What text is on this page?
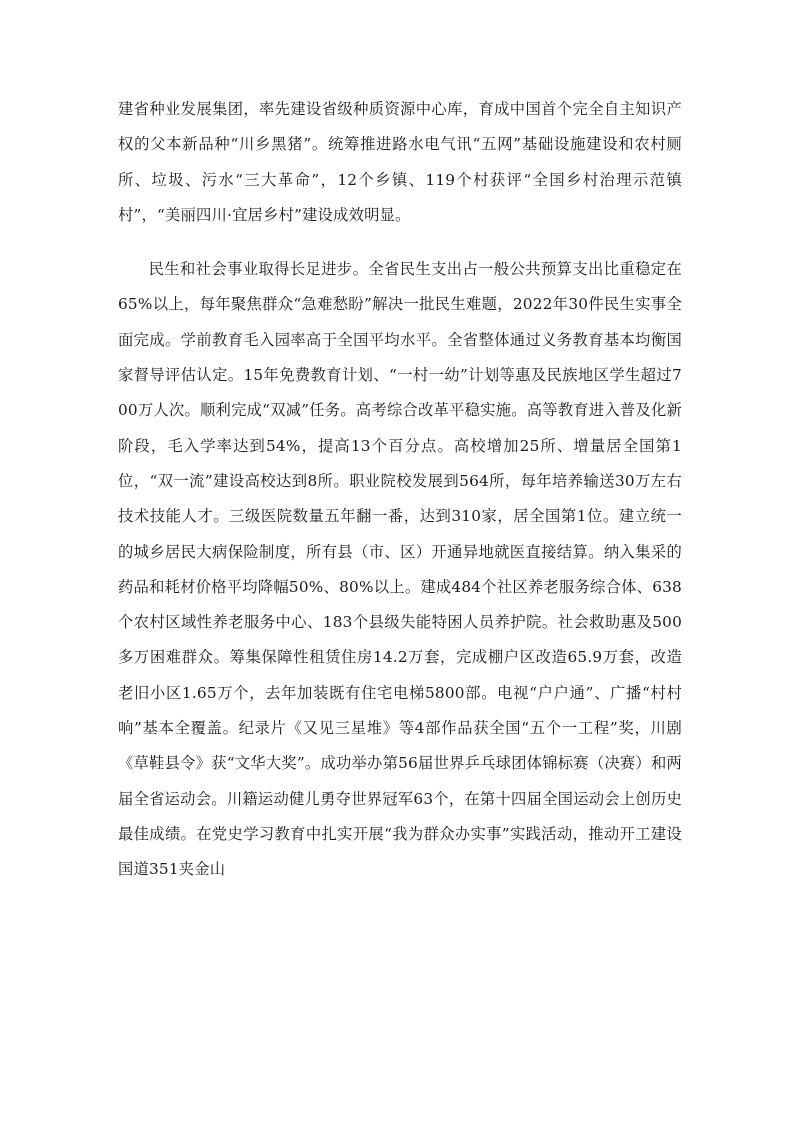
建省种业发展集团，率先建设省级种质资源中心库，育成中国首个完全自主知识产权的父本新品种“川乡黑猪”。统筹推进路水电气讯“五网”基础设施建设和农村厕所、垃圾、污水“三大革命”，12个乡镇、119个村获评“全国乡村治理示范镇村”，“美丽四川·宜居乡村”建设成效明显。

民生和社会事业取得长足进步。全省民生支出占一般公共预算支出比重稳定在65%以上，每年聚焦群众“急难愁盼”解决一批民生难题，2022年30件民生实事全面完成。学前教育毛入园率高于全国平均水平。全省整体通过义务教育基本均衡国家督导评估认定。15年免费教育计划、“一村一幼”计划等惠及民族地区学生超过700万人次。顺利完成“双减”任务。高考综合改革平稳实施。高等教育进入普及化新阶段，毛入学率达到54%，提高13个百分点。高校增加25所、增量居全国第1位，“双一流”建设高校达到8所。职业院校发展到564所，每年培养输送30万左右技术技能人才。三级医院数量五年翻一番，达到310家，居全国第1位。建立统一的城乡居民大病保险制度，所有县（市、区）开通异地就医直接结算。纳入集采的药品和耗材价格平均降幅50%、80%以上。建成484个社区养老服务综合体、638个农村区域性养老服务中心、183个县级失能特困人员养护院。社会救助惠及500多万困难群众。筹集保障性租赁住房14.2万套，完成棚户区改造65.9万套，改造老旧小区1.65万个，去年加装既有住宅电梯5800部。电视“户户通”、广播“村村响”基本全覆盖。纪录片《又见三星堆》等4部作品获全国“五个一工程”奖，川剧《草鞋县令》获“文华大奖”。成功举办第56届世界乒乓球团体锦标赛（决赛）和两届全省运动会。川籍运动健儿勇夺世界冠军63个，在第十四届全国运动会上创历史最佳成绩。在党史学习教育中扎实开展“我为群众办实事”实践活动，推动开工建设国道351夹金山
